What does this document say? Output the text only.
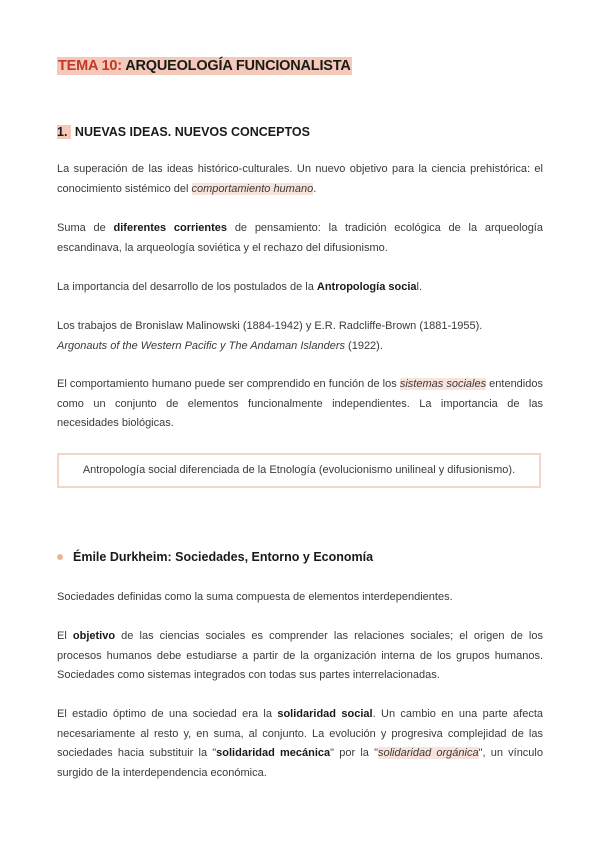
TEMA 10: ARQUEOLOGÍA FUNCIONALISTA
1. NUEVAS IDEAS. NUEVOS CONCEPTOS
La superación de las ideas histórico-culturales. Un nuevo objetivo para la ciencia prehistórica: el conocimiento sistémico del comportamiento humano.
Suma de diferentes corrientes de pensamiento: la tradición ecológica de la arqueología escandinava, la arqueología soviética y el rechazo del difusionismo.
La importancia del desarrollo de los postulados de la Antropología social.
Los trabajos de Bronislaw Malinowski (1884-1942) y E.R. Radcliffe-Brown (1881-1955).
Argonauts of the Western Pacific y The Andaman Islanders (1922).
El comportamiento humano puede ser comprendido en función de los sistemas sociales entendidos como un conjunto de elementos funcionalmente independientes. La importancia de las necesidades biológicas.
Antropología social diferenciada de la Etnología (evolucionismo unilineal y difusionismo).
Émile Durkheim: Sociedades, Entorno y Economía
Sociedades definidas como la suma compuesta de elementos interdependientes.
El objetivo de las ciencias sociales es comprender las relaciones sociales; el origen de los procesos humanos debe estudiarse a partir de la organización interna de los grupos humanos. Sociedades como sistemas integrados con todas sus partes interrelacionadas.
El estadio óptimo de una sociedad era la solidaridad social. Un cambio en una parte afecta necesariamente al resto y, en suma, al conjunto. La evolución y progresiva complejidad de las sociedades hacia substituir la "solidaridad mecánica" por la "solidaridad orgánica", un vínculo surgido de la interdependencia económica.
